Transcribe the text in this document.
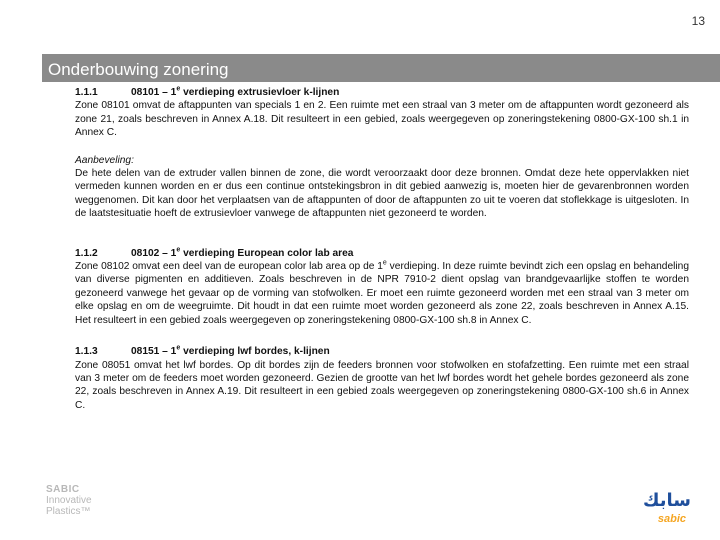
13
Onderbouwing zonering
1.1.1	08101 – 1e verdieping extrusievloer k-lijnen

Zone 08101 omvat de aftappunten van specials 1 en 2. Een ruimte met een straal van 3 meter om de aftappunten wordt gezoneerd als zone 21, zoals beschreven in Annex A.18. Dit resulteert in een gebied, zoals weergegeven op zoneringstekening 0800-GX-100 sh.1 in Annex C.

Aanbeveling:

De hete delen van de extruder vallen binnen de zone, die wordt veroorzaakt door deze bronnen. Omdat deze hete oppervlakken niet vermeden kunnen worden en er dus een continue ontstekingsbron in dit gebied aanwezig is, moeten hier de gevarenbronnen worden weggenomen. Dit kan door het verplaatsen van de aftappunten of door de aftappunten zo uit te voeren dat stoflekkage is uitgesloten. In de laatstesituatie hoeft de extrusievloer vanwege de aftappunten niet gezoneerd te worden.

1.1.2	08102 – 1e verdieping European color lab area

Zone 08102 omvat een deel van de european color lab area op de 1e verdieping. In deze ruimte bevindt zich een opslag en behandeling van diverse pigmenten en additieven. Zoals beschreven in de NPR 7910-2 dient opslag van brandgevaarlijke stoffen te worden gezoneerd vanwege het gevaar op de vorming van stofwolken. Er moet een ruimte gezoneerd worden met een straal van 3 meter om elke opslag en om de weegruimte. Dit houdt in dat een ruimte moet worden gezoneerd als zone 22, zoals beschreven in Annex A.15. Het resulteert in een gebied zoals weergegeven op zoneringstekening 0800-GX-100 sh.8 in Annex C.

1.1.3	08151 – 1e verdieping lwf bordes, k-lijnen

Zone 08051 omvat het lwf bordes. Op dit bordes zijn de feeders bronnen voor stofwolken en stofafzetting. Een ruimte met een straal van 3 meter om de feeders moet worden gezoneerd. Gezien de grootte van het lwf bordes wordt het gehele bordes gezoneerd als zone 22, zoals beschreven in Annex A.19. Dit resulteert in een gebied zoals weergegeven op zoneringstekening 0800-GX-100 sh.6 in Annex C.

SABIC
Innovative
Plastics™
سابك
sabic
